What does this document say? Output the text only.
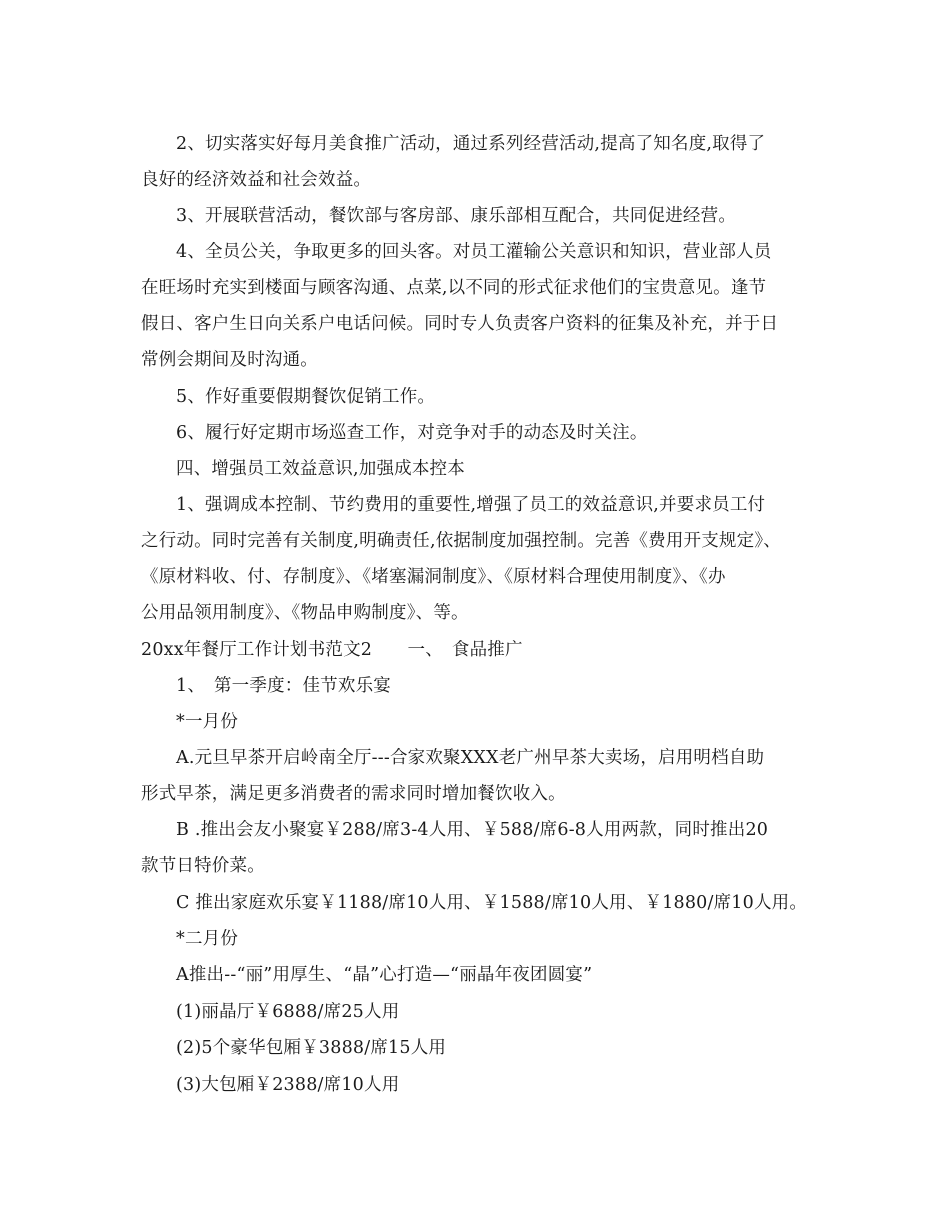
2、切实落实好每月美食推广活动，通过系列经营活动,提高了知名度,取得了
良好的经济效益和社会效益。
3、开展联营活动，餐饮部与客房部、康乐部相互配合，共同促进经营。
4、全员公关，争取更多的回头客。对员工灌输公关意识和知识，营业部人员
在旺场时充实到楼面与顾客沟通、点菜,以不同的形式征求他们的宝贵意见。逢节
假日、客户生日向关系户电话问候。同时专人负责客户资料的征集及补充，并于日
常例会期间及时沟通。
5、作好重要假期餐饮促销工作。
6、履行好定期市场巡查工作，对竞争对手的动态及时关注。
四、增强员工效益意识,加强成本控本
1、强调成本控制、节约费用的重要性,增强了员工的效益意识,并要求员工付
之行动。同时完善有关制度,明确责任,依据制度加强控制。完善《费用开支规定》、
《原材料收、付、存制度》、《堵塞漏洞制度》、《原材料合理使用制度》、《办
公用品领用制度》、《物品申购制度》、等。
20xx年餐厅工作计划书范文2　　一、　食品推广
1、　第一季度：佳节欢乐宴
*一月份
A.元旦早茶开启岭南全厅---合家欢聚XXX老广州早茶大卖场，启用明档自助
形式早茶，满足更多消费者的需求同时增加餐饮收入。
B .推出会友小聚宴￥288/席3-4人用、￥588/席6-8人用两款，同时推出20
款节日特价菜。
C 推出家庭欢乐宴￥1188/席10人用、￥1588/席10人用、￥1880/席10人用。
*二月份
A推出--“丽”用厚生、“晶”心打造—“丽晶年夜团圆宴”
(1)丽晶厅￥6888/席25人用
(2)5个豪华包厢￥3888/席15人用
(3)大包厢￥2388/席10人用
